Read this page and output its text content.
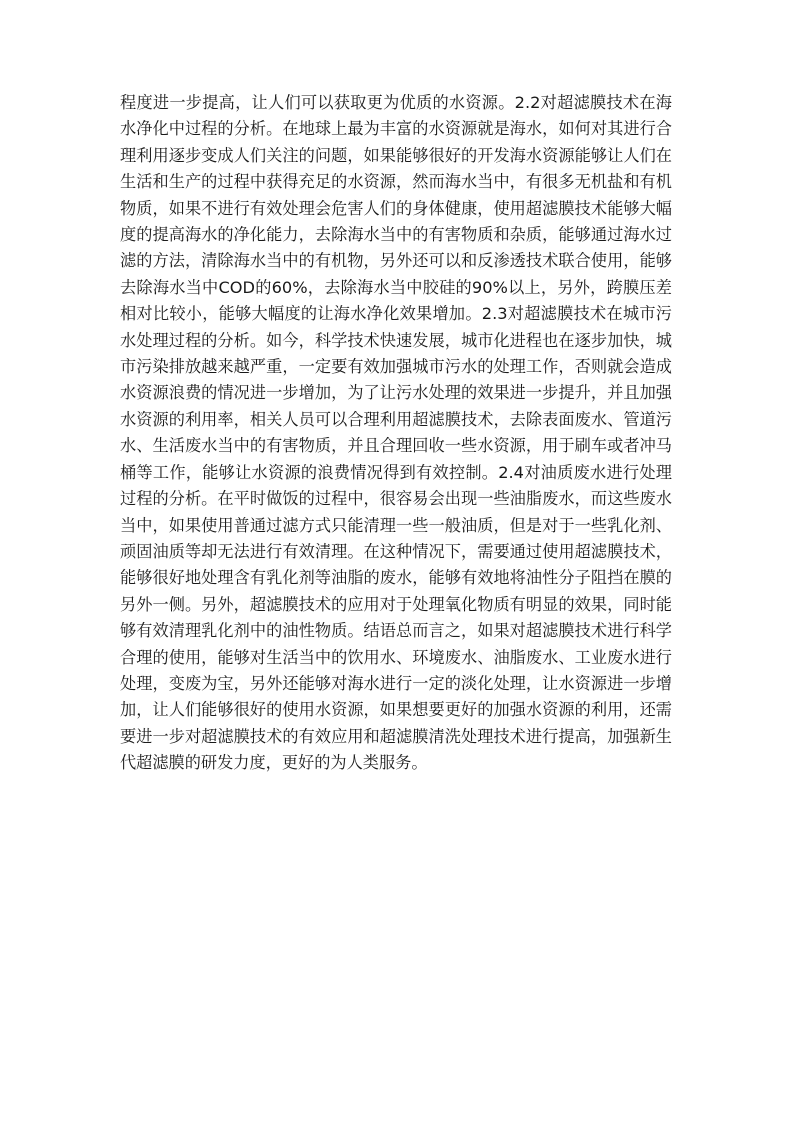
程度进一步提高，让人们可以获取更为优质的水资源。2.2对超滤膜技术在海水净化中过程的分析。在地球上最为丰富的水资源就是海水，如何对其进行合理利用逐步变成人们关注的问题，如果能够很好的开发海水资源能够让人们在生活和生产的过程中获得充足的水资源，然而海水当中，有很多无机盐和有机物质，如果不进行有效处理会危害人们的身体健康，使用超滤膜技术能够大幅度的提高海水的净化能力，去除海水当中的有害物质和杂质，能够通过海水过滤的方法，清除海水当中的有机物，另外还可以和反渗透技术联合使用，能够去除海水当中COD的60%，去除海水当中胶硅的90%以上，另外，跨膜压差相对比较小，能够大幅度的让海水净化效果增加。2.3对超滤膜技术在城市污水处理过程的分析。如今，科学技术快速发展，城市化进程也在逐步加快，城市污染排放越来越严重，一定要有效加强城市污水的处理工作，否则就会造成水资源浪费的情况进一步增加，为了让污水处理的效果进一步提升，并且加强水资源的利用率，相关人员可以合理利用超滤膜技术，去除表面废水、管道污水、生活废水当中的有害物质，并且合理回收一些水资源，用于刷车或者冲马桶等工作，能够让水资源的浪费情况得到有效控制。2.4对油质废水进行处理过程的分析。在平时做饭的过程中，很容易会出现一些油脂废水，而这些废水当中，如果使用普通过滤方式只能清理一些一般油质，但是对于一些乳化剂、顽固油质等却无法进行有效清理。在这种情况下，需要通过使用超滤膜技术，能够很好地处理含有乳化剂等油脂的废水，能够有效地将油性分子阻挡在膜的另外一侧。另外，超滤膜技术的应用对于处理氧化物质有明显的效果，同时能够有效清理乳化剂中的油性物质。结语总而言之，如果对超滤膜技术进行科学合理的使用，能够对生活当中的饮用水、环境废水、油脂废水、工业废水进行处理，变废为宝，另外还能够对海水进行一定的淡化处理，让水资源进一步增加，让人们能够很好的使用水资源，如果想要更好的加强水资源的利用，还需要进一步对超滤膜技术的有效应用和超滤膜清洗处理技术进行提高，加强新生代超滤膜的研发力度，更好的为人类服务。
